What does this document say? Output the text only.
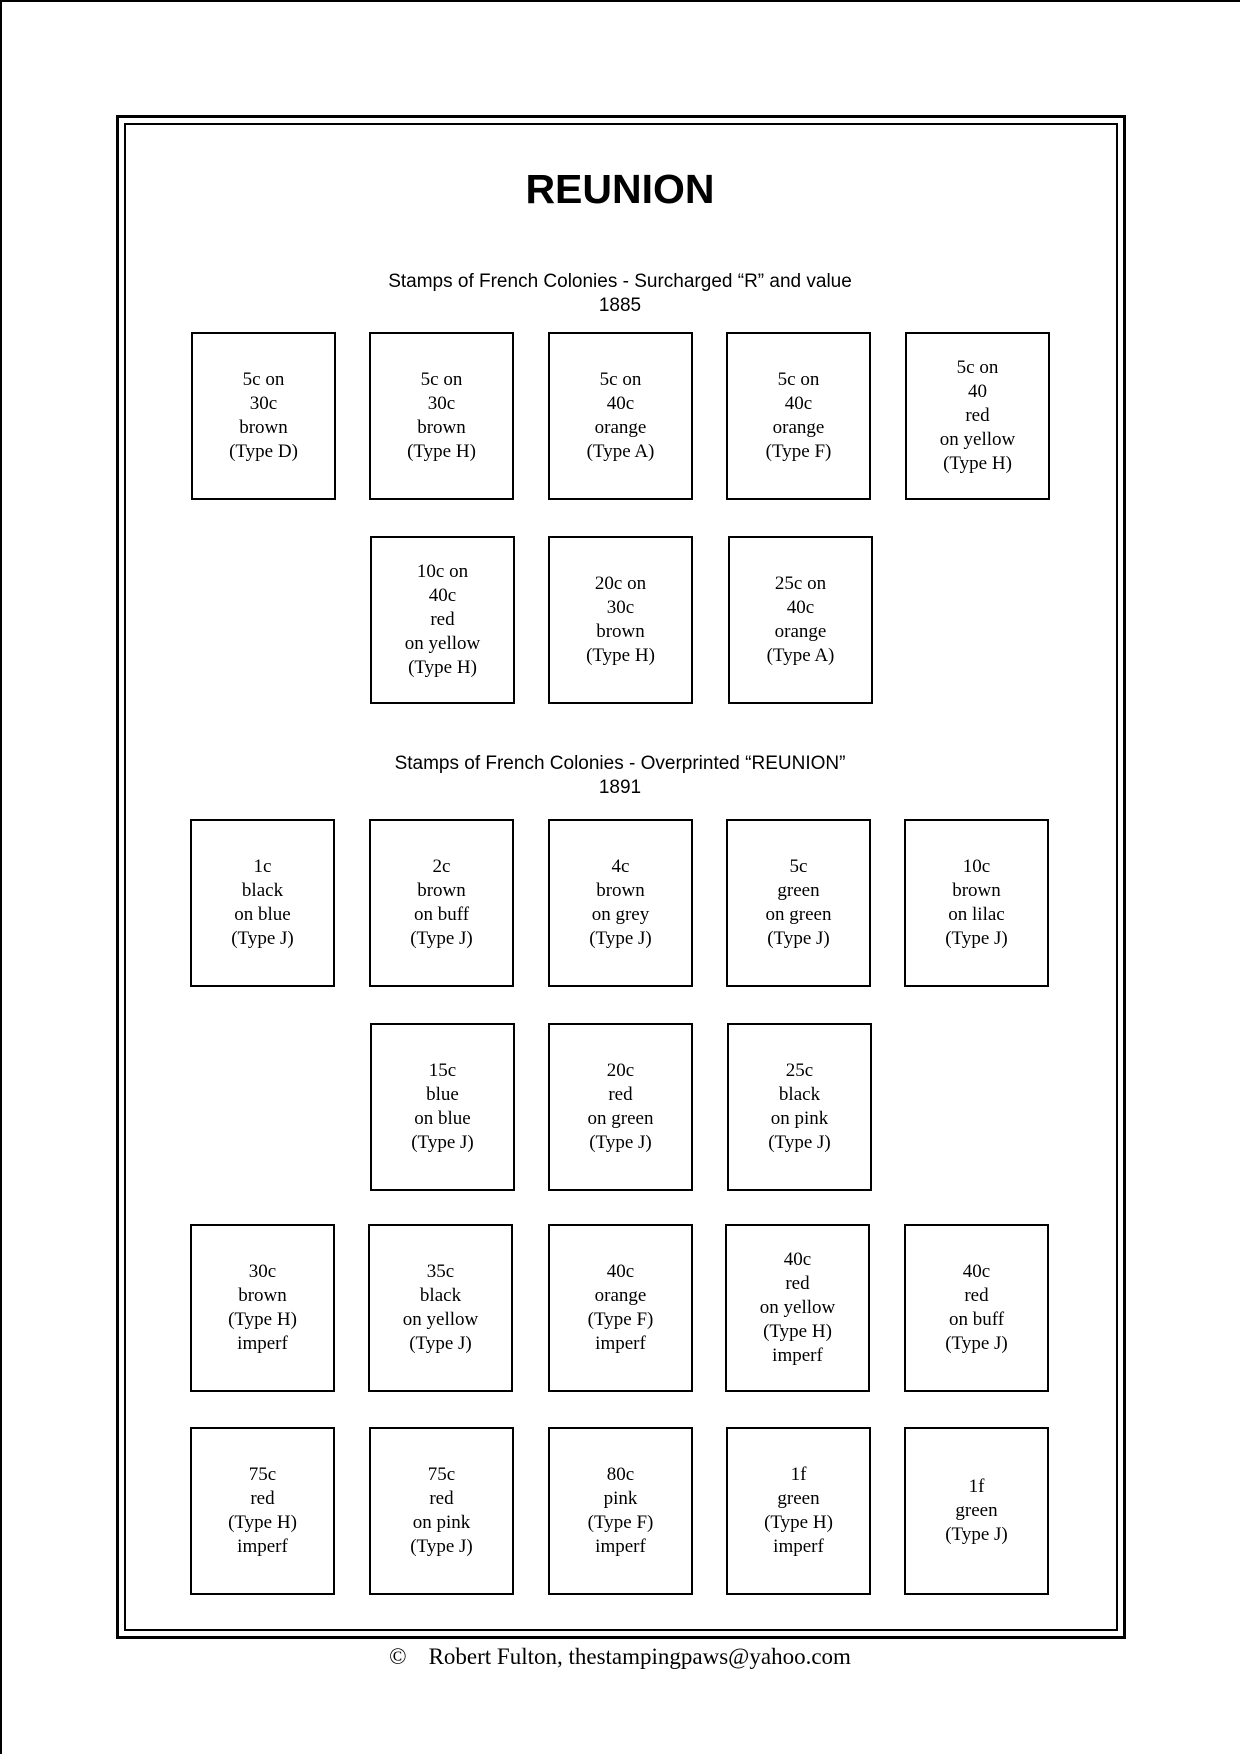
REUNION
Stamps of French Colonies - Surcharged “R” and value
1885
5c on
30c
brown
(Type D)
5c on
30c
brown
(Type H)
5c on
40c
orange
(Type A)
5c on
40c
orange
(Type F)
5c on
40
red
on yellow
(Type H)
10c on
40c
red
on yellow
(Type H)
20c on
30c
brown
(Type H)
25c on
40c
orange
(Type A)
Stamps of French Colonies - Overprinted “REUNION”
1891
1c
black
on blue
(Type J)
2c
brown
on buff
(Type J)
4c
brown
on grey
(Type J)
5c
green
on green
(Type J)
10c
brown
on lilac
(Type J)
15c
blue
on blue
(Type J)
20c
red
on green
(Type J)
25c
black
on pink
(Type J)
30c
brown
(Type H)
imperf
35c
black
on yellow
(Type J)
40c
orange
(Type F)
imperf
40c
red
on yellow
(Type H)
imperf
40c
red
on buff
(Type J)
75c
red
(Type H)
imperf
75c
red
on pink
(Type J)
80c
pink
(Type F)
imperf
1f
green
(Type H)
imperf
1f
green
(Type J)
© Robert Fulton, thestampingpaws@yahoo.com
